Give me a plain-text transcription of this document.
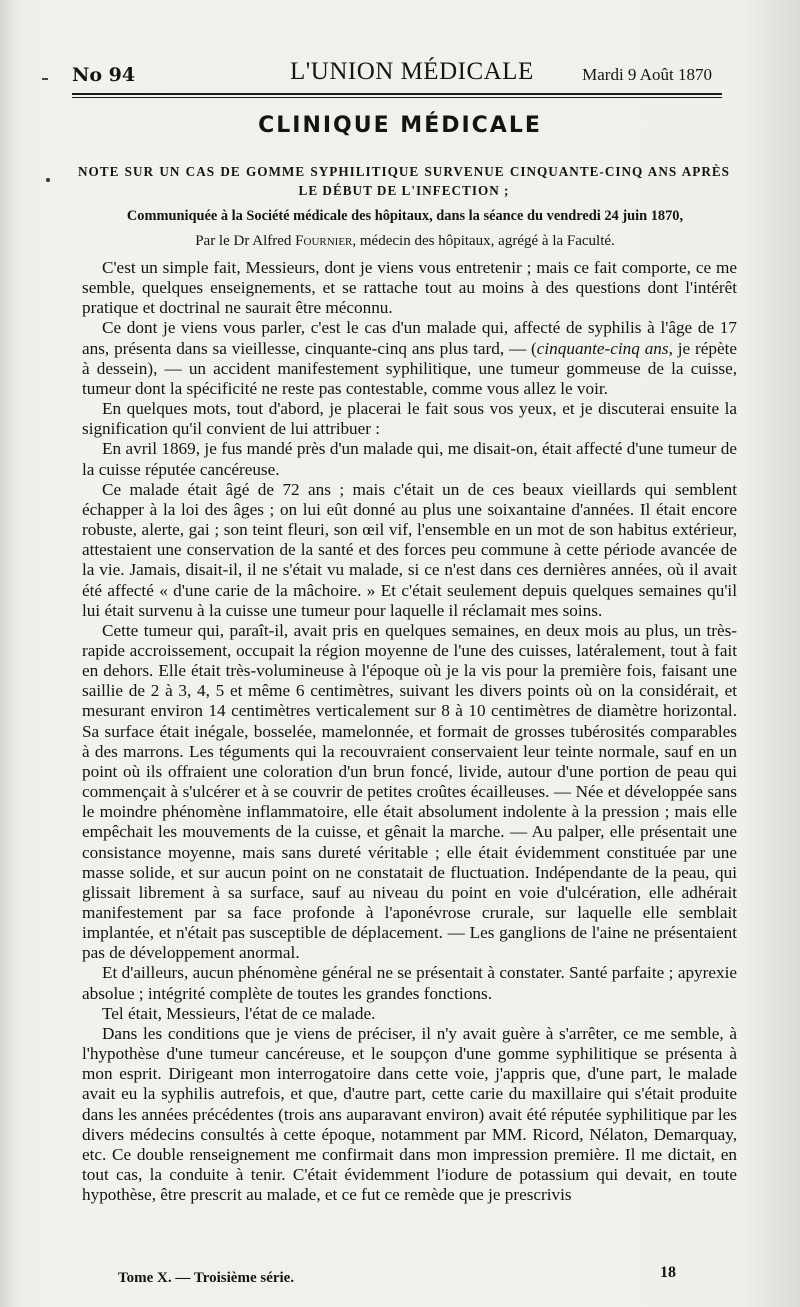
No 94	L'UNION MÉDICALE	Mardi 9 Août 1870
CLINIQUE MÉDICALE
NOTE SUR UN CAS DE GOMME SYPHILITIQUE SURVENUE CINQUANTE-CINQ ANS APRÈS LE DÉBUT DE L'INFECTION ;
Communiquée à la Société médicale des hôpitaux, dans la séance du vendredi 24 juin 1870,
Par le Dr Alfred Fournier, médecin des hôpitaux, agrégé à la Faculté.

C'est un simple fait, Messieurs, dont je viens vous entretenir ; mais ce fait comporte, ce me semble, quelques enseignements, et se rattache tout au moins à des questions dont l'intérêt pratique et doctrinal ne saurait être méconnu.

Ce dont je viens vous parler, c'est le cas d'un malade qui, affecté de syphilis à l'âge de 17 ans, présenta dans sa vieillesse, cinquante-cinq ans plus tard, — (cinquante-cinq ans, je répète à dessein), — un accident manifestement syphilitique, une tumeur gommeuse de la cuisse, tumeur dont la spécificité ne reste pas contestable, comme vous allez le voir.

En quelques mots, tout d'abord, je placerai le fait sous vos yeux, et je discuterai ensuite la signification qu'il convient de lui attribuer :

En avril 1869, je fus mandé près d'un malade qui, me disait-on, était affecté d'une tumeur de la cuisse réputée cancéreuse.

Ce malade était âgé de 72 ans ; mais c'était un de ces beaux vieillards qui semblent échapper à la loi des âges ; on lui eût donné au plus une soixantaine d'années. Il était encore robuste, alerte, gai ; son teint fleuri, son œil vif, l'ensemble en un mot de son habitus extérieur, attestaient une conservation de la santé et des forces peu commune à cette période avancée de la vie. Jamais, disait-il, il ne s'était vu malade, si ce n'est dans ces dernières années, où il avait été affecté « d'une carie de la mâchoire. » Et c'était seulement depuis quelques semaines qu'il lui était survenu à la cuisse une tumeur pour laquelle il réclamait mes soins.

Cette tumeur qui, paraît-il, avait pris en quelques semaines, en deux mois au plus, un très-rapide accroissement, occupait la région moyenne de l'une des cuisses, latéralement, tout à fait en dehors. Elle était très-volumineuse à l'époque où je la vis pour la première fois, faisant une saillie de 2 à 3, 4, 5 et même 6 centimètres, suivant les divers points où on la considérait, et mesurant environ 14 centimètres verticalement sur 8 à 10 centimètres de diamètre horizontal. Sa surface était inégale, bosselée, mamelonnée, et formait de grosses tubérosités comparables à des marrons. Les téguments qui la recouvraient conservaient leur teinte normale, sauf en un point où ils offraient une coloration d'un brun foncé, livide, autour d'une portion de peau qui commençait à s'ulcérer et à se couvrir de petites croûtes écailleuses. — Née et développée sans le moindre phénomène inflammatoire, elle était absolument indolente à la pression ; mais elle empêchait les mouvements de la cuisse, et gênait la marche. — Au palper, elle présentait une consistance moyenne, mais sans dureté véritable ; elle était évidemment constituée par une masse solide, et sur aucun point on ne constatait de fluctuation. Indépendante de la peau, qui glissait librement à sa surface, sauf au niveau du point en voie d'ulcération, elle adhérait manifestement par sa face profonde à l'aponévrose crurale, sur laquelle elle semblait implantée, et n'était pas susceptible de déplacement. — Les ganglions de l'aine ne présentaient pas de développement anormal.

Et d'ailleurs, aucun phénomène général ne se présentait à constater. Santé parfaite ; apyrexie absolue ; intégrité complète de toutes les grandes fonctions.

Tel était, Messieurs, l'état de ce malade.

Dans les conditions que je viens de préciser, il n'y avait guère à s'arrêter, ce me semble, à l'hypothèse d'une tumeur cancéreuse, et le soupçon d'une gomme syphilitique se présenta à mon esprit. Dirigeant mon interrogatoire dans cette voie, j'appris que, d'une part, le malade avait eu la syphilis autrefois, et que, d'autre part, cette carie du maxillaire qui s'était produite dans les années précédentes (trois ans auparavant environ) avait été réputée syphilitique par les divers médecins consultés à cette époque, notamment par MM. Ricord, Nélaton, Demarquay, etc. Ce double renseignement me confirmait dans mon impression première. Il me dictait, en tout cas, la conduite à tenir. C'était évidemment l'iodure de potassium qui devait, en toute hypothèse, être prescrit au malade, et ce fut ce remède que je prescrivis

Tome X. — Troisième série.	18
